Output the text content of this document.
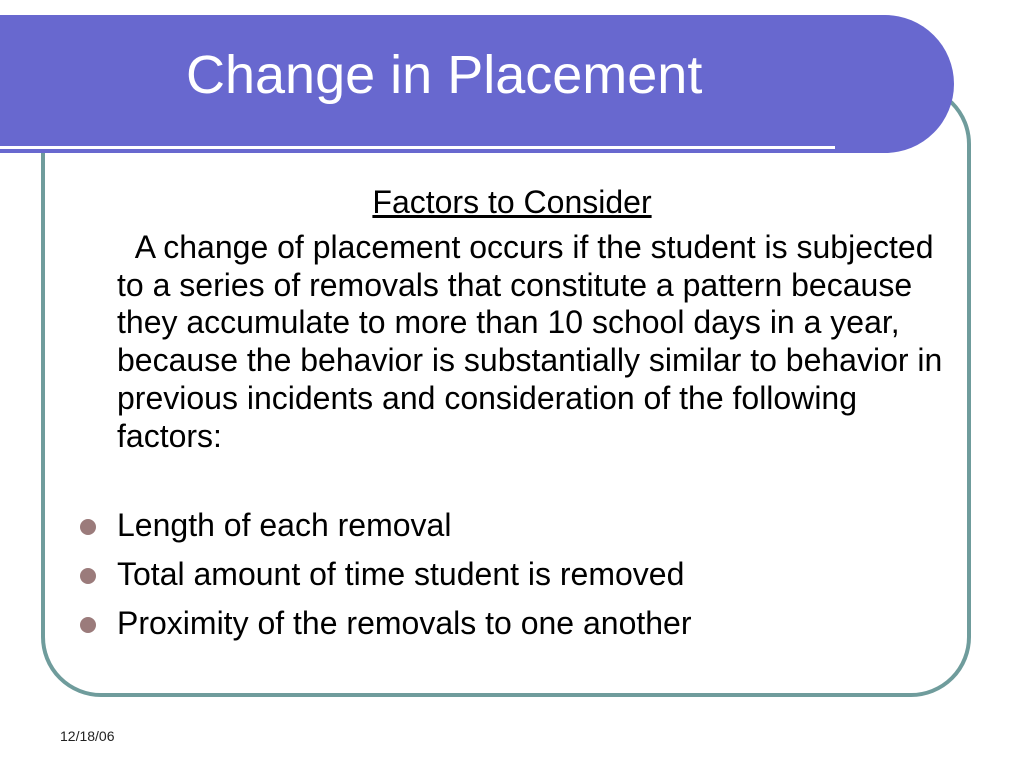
Change in Placement
Factors to Consider

A change of placement occurs if the student is subjected to a series of removals that constitute a pattern because they accumulate to more than 10 school days in a year, because the behavior is substantially similar to behavior in previous incidents and consideration of the following factors:

Length of each removal
Total amount of time student is removed
Proximity of the removals to one another
12/18/06
